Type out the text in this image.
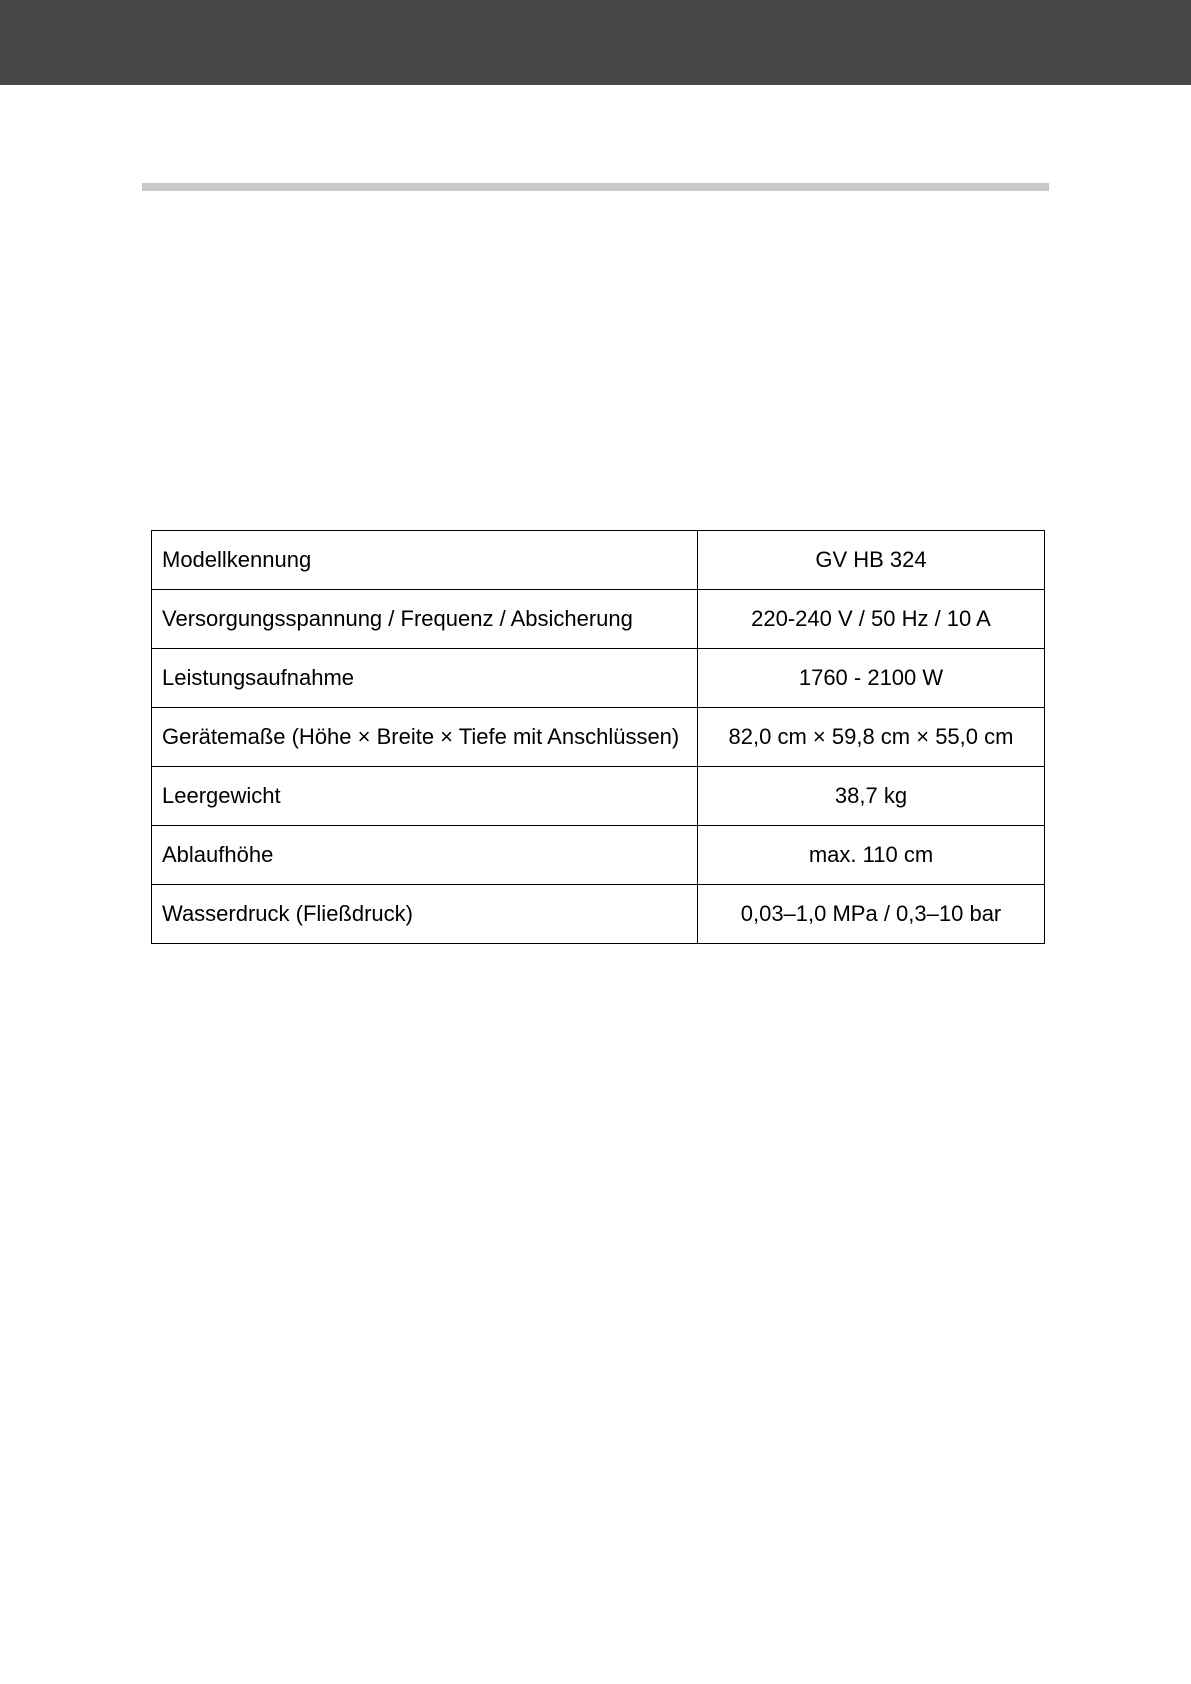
Modellkennung	GV HB 324
Versorgungsspannung / Frequenz / Absicherung	220-240 V / 50 Hz / 10 A
Leistungsaufnahme	1760 - 2100 W
Gerätemaße (Höhe × Breite × Tiefe mit Anschlüssen)	82,0 cm × 59,8 cm × 55,0 cm
Leergewicht	38,7 kg
Ablaufhöhe	max. 110 cm
Wasserdruck (Fließdruck)	0,03–1,0 MPa / 0,3–10 bar
